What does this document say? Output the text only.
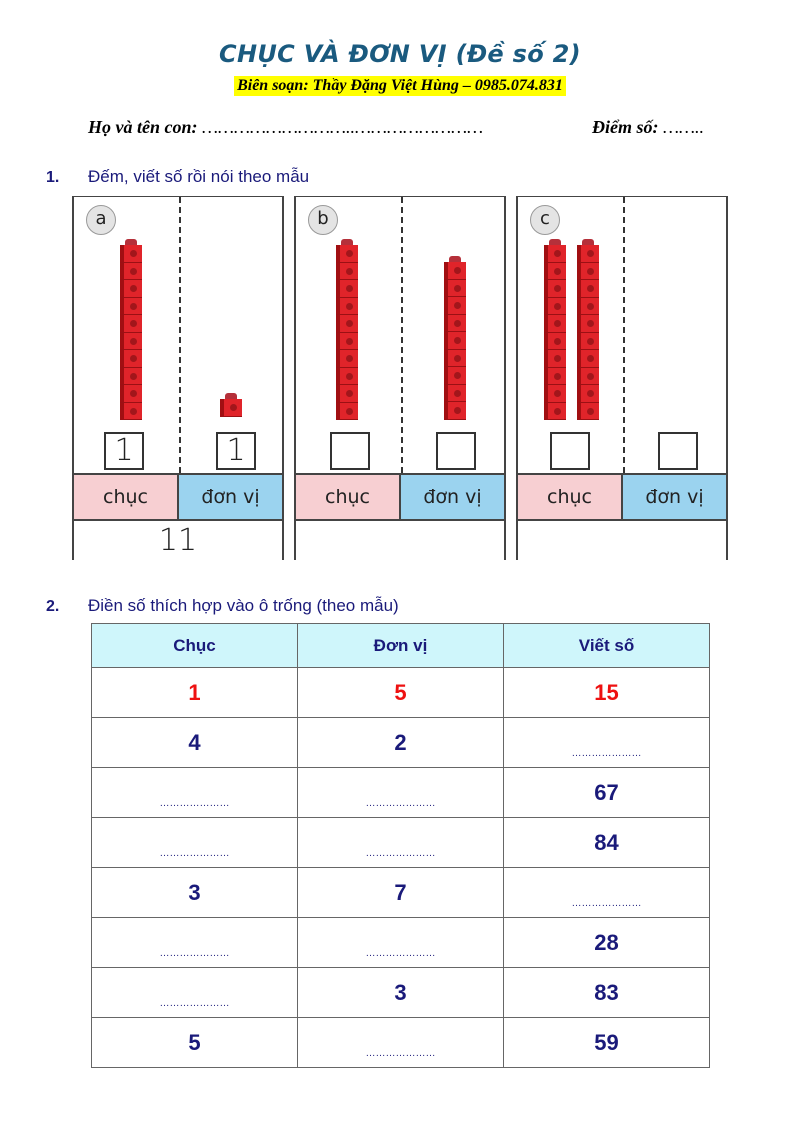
CHỤC VÀ ĐƠN VỊ (Đề số 2)
Biên soạn: Thầy Đặng Việt Hùng – 0985.074.831
Họ và tên con: ………………………..……………………	Điểm số: ……..
1. Đếm, viết số rồi nói theo mẫu
a
1	1
chục	đơn vị
11
b
chục	đơn vị
c
chục	đơn vị
2. Điền số thích hợp vào ô trống (theo mẫu)
Chục	Đơn vị	Viết số
1	5	15
4	2	…………………
…………………	…………………	67
…………………	…………………	84
3	7	…………………
…………………	…………………	28
…………………	3	83
5	…………………	59
